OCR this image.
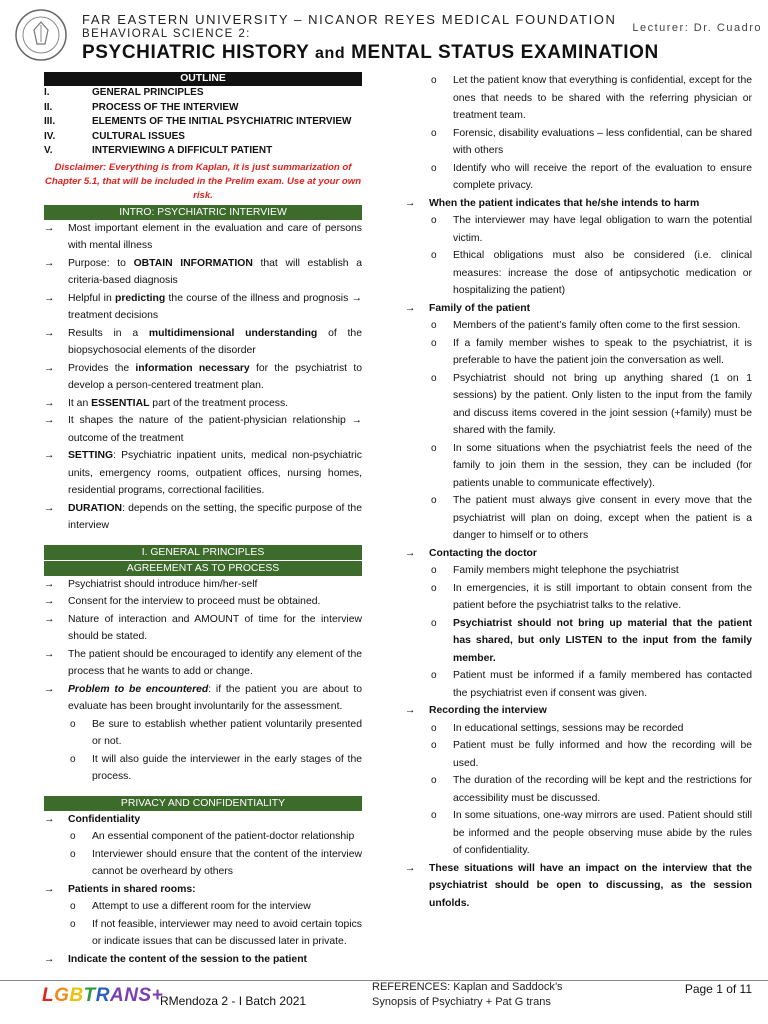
FAR EASTERN UNIVERSITY – NICANOR REYES MEDICAL FOUNDATION
BEHAVIORAL SCIENCE 2:	Lecturer: Dr. Cuadro
PSYCHIATRIC HISTORY and MENTAL STATUS EXAMINATION
OUTLINE
I.	GENERAL PRINCIPLES
II.	PROCESS OF THE INTERVIEW
III.	ELEMENTS OF THE INITIAL PSYCHIATRIC INTERVIEW
IV.	CULTURAL ISSUES
V.	INTERVIEWING A DIFFICULT PATIENT
Disclaimer: Everything is from Kaplan, it is just summarization of Chapter 5.1, that will be included in the Prelim exam. Use at your own risk.
INTRO: PSYCHIATRIC INTERVIEW
→	Most important element in the evaluation and care of persons with mental illness
→	Purpose: to OBTAIN INFORMATION that will establish a criteria-based diagnosis
→	Helpful in predicting the course of the illness and prognosis → treatment decisions
→	Results in a multidimensional understanding of the biopsychosocial elements of the disorder
→	Provides the information necessary for the psychiatrist to develop a person-centered treatment plan.
→	It an ESSENTIAL part of the treatment process.
→	It shapes the nature of the patient-physician relationship → outcome of the treatment
→	SETTING: Psychiatric inpatient units, medical non-psychiatric units, emergency rooms, outpatient offices, nursing homes, residential programs, correctional facilities.
→	DURATION: depends on the setting, the specific purpose of the interview
I. GENERAL PRINCIPLES
AGREEMENT AS TO PROCESS
→	Psychiatrist should introduce him/her-self
→	Consent for the interview to proceed must be obtained.
→	Nature of interaction and AMOUNT of time for the interview should be stated.
→	The patient should be encouraged to identify any element of the process that he wants to add or change.
→	Problem to be encountered: if the patient you are about to evaluate has been brought involuntarily for the assessment.
o	Be sure to establish whether patient voluntarily presented or not.
o	It will also guide the interviewer in the early stages of the process.
PRIVACY AND CONFIDENTIALITY
→	Confidentiality
o	An essential component of the patient-doctor relationship
o	Interviewer should ensure that the content of the interview cannot be overheard by others
→	Patients in shared rooms:
o	Attempt to use a different room for the interview
o	If not feasible, interviewer may need to avoid certain topics or indicate issues that can be discussed later in private.
→	Indicate the content of the session to the patient
o	Let the patient know that everything is confidential, except for the ones that needs to be shared with the referring physician or treatment team.
o	Forensic, disability evaluations – less confidential, can be shared with others
o	Identify who will receive the report of the evaluation to ensure complete privacy.
→	When the patient indicates that he/she intends to harm
o	The interviewer may have legal obligation to warn the potential victim.
o	Ethical obligations must also be considered (i.e. clinical measures: increase the dose of antipsychotic medication or hospitalizing the patient)
→	Family of the patient
o	Members of the patient’s family often come to the first session.
o	If a family member wishes to speak to the psychiatrist, it is preferable to have the patient join the conversation as well.
o	Psychiatrist should not bring up anything shared (1 on 1 sessions) by the patient. Only listen to the input from the family and discuss items covered in the joint session (+family) must be shared with the family.
o	In some situations when the psychiatrist feels the need of the family to join them in the session, they can be included (for patients unable to communicate effectively).
o	The patient must always give consent in every move that the psychiatrist will plan on doing, except when the patient is a danger to himself or to others
→	Contacting the doctor
o	Family members might telephone the psychiatrist
o	In emergencies, it is still important to obtain consent from the patient before the psychiatrist talks to the relative.
o	Psychiatrist should not bring up material that the patient has shared, but only LISTEN to the input from the family member.
o	Patient must be informed if a family membered has contacted the psychiatrist even if consent was given.
→	Recording the interview
o	In educational settings, sessions may be recorded
o	Patient must be fully informed and how the recording will be used.
o	The duration of the recording will be kept and the restrictions for accessibility must be discussed.
o	In some situations, one-way mirrors are used. Patient should still be informed and the people observing muse abide by the rules of confidentiality.
→	These situations will have an impact on the interview that the psychiatrist should be open to discussing, as the session unfolds.
LGBTRANS+
RMendoza 2 - I Batch 2021
REFERENCES: Kaplan and Saddock’s
Synopsis of Psychiatry + Pat G trans
Page 1 of 11
